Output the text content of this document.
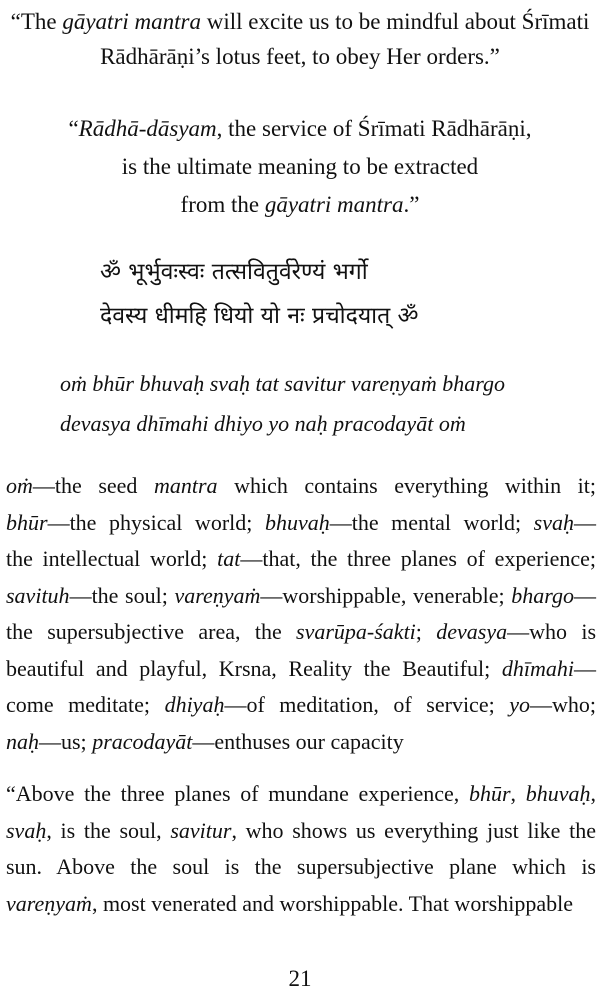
“The gāyatri mantra will excite us to be mindful about Śrīmati
Rādhārāṇi’s lotus feet, to obey Her orders.”
“Rādhā-dāsyam, the service of Śrīmati Rādhārāṇi,
is the ultimate meaning to be extracted
from the gāyatri mantra.”
ॐ भूर्भुवःस्वः तत्सवितुर्वरेण्यं भर्गो
देवस्य धीमहि धियो यो नः प्रचोदयात् ॐ
oṁ bhūr bhuvaḥ svaḥ tat savitur vareṇyaṁ bhargo
devasya dhīmahi dhiyo yo naḥ pracodayāt oṁ
oṁ—the seed mantra which contains everything within it;
bhūr—the physical world; bhuvaḥ—the mental world; svaḥ—
the intellectual world; tat—that, the three planes of experience;
savituh—the soul; vareṇyaṁ—worshippable, venerable; bhargo—
the supersubjective area, the svarūpa-śakti; devasya—who is
beautiful and playful, Krsna, Reality the Beautiful; dhīmahi—
come meditate; dhiyaḥ—of meditation, of service; yo—who;
naḥ—us; pracodayāt—enthuses our capacity
“Above the three planes of mundane experience, bhūr, bhuvaḥ,
svaḥ, is the soul, savitur, who shows us everything just like the
sun. Above the soul is the supersubjective plane which is
vareṇyaṁ, most venerated and worshippable. That worshippable
21
